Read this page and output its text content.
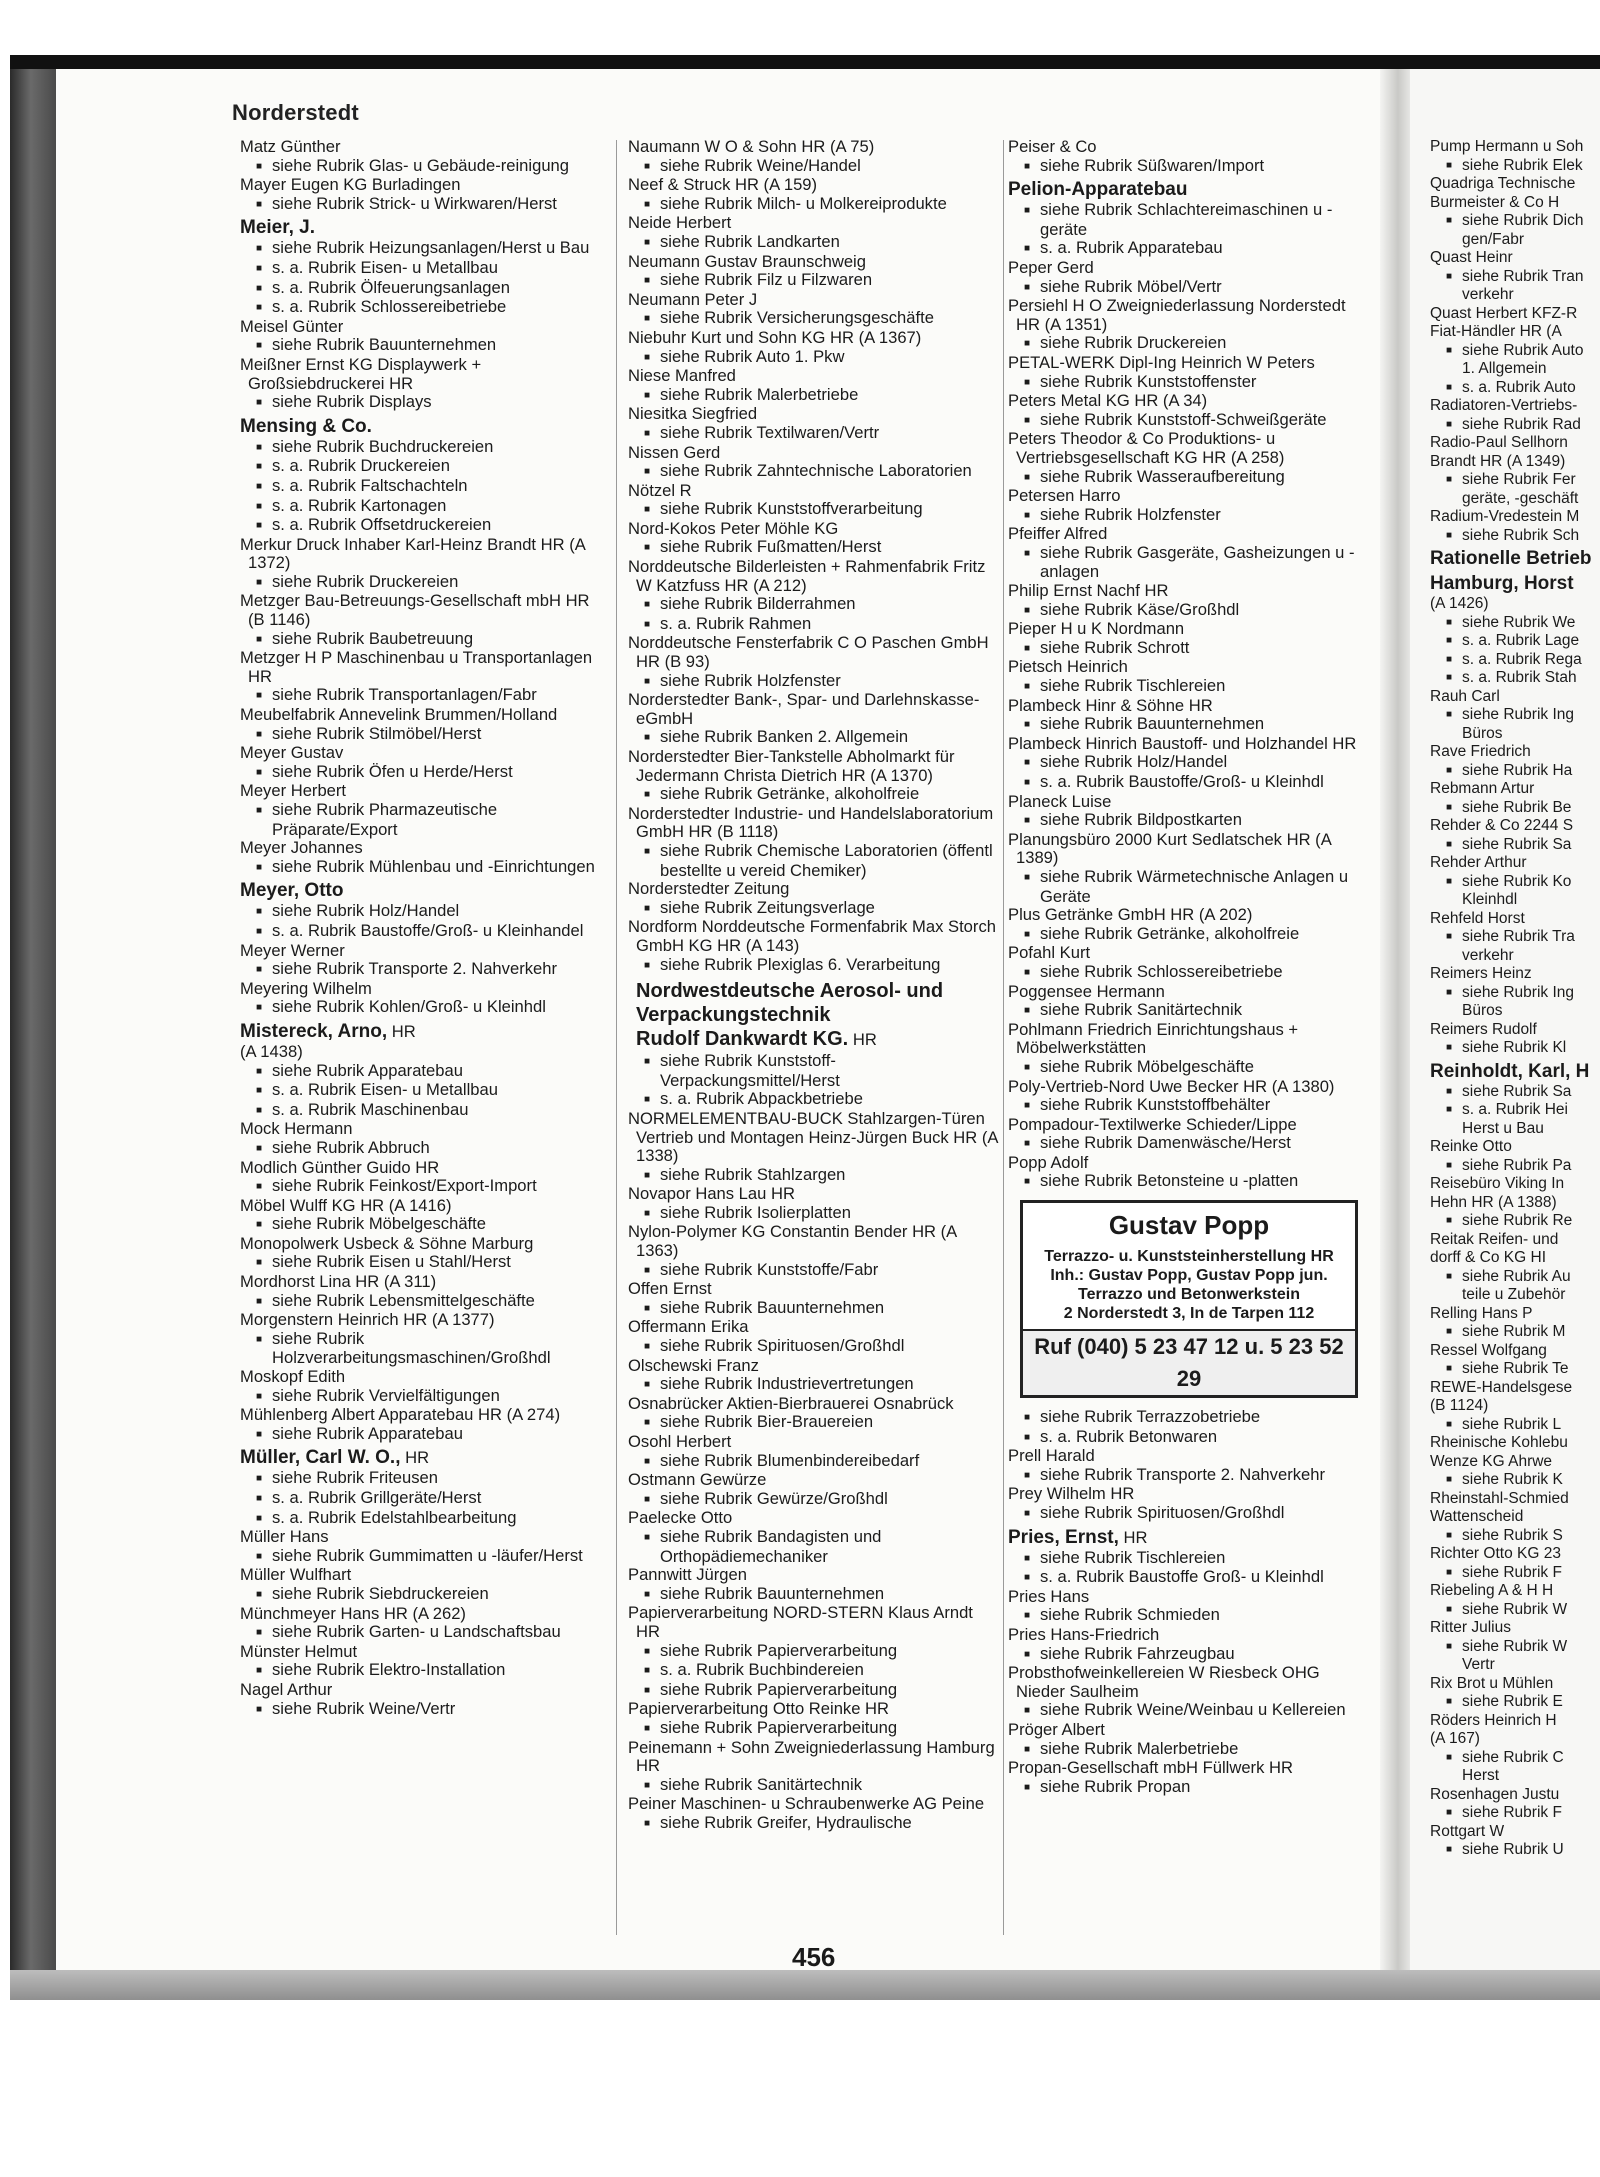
Norderstedt
Matz Günther
■ siehe Rubrik Glas- u Gebäude-reinigung
Mayer Eugen KG Burladingen
■ siehe Rubrik Strick- u Wirkwaren/Herst
Meier, J.
■ siehe Rubrik Heizungsanlagen/Herst u Bau
■ s. a. Rubrik Eisen- u Metallbau
■ s. a. Rubrik Ölfeuerungsanlagen
■ s. a. Rubrik Schlossereibetriebe
Meisel Günter
■ siehe Rubrik Bauunternehmen
Meißner Ernst KG Displaywerk + Großsiebdruckerei HR
■ siehe Rubrik Displays
Mensing & Co.
■ siehe Rubrik Buchdruckereien
■ s. a. Rubrik Druckereien
■ s. a. Rubrik Faltschachteln
■ s. a. Rubrik Kartonagen
■ s. a. Rubrik Offsetdruckereien
Merkur Druck Inhaber Karl-Heinz Brandt HR (A 1372)
■ siehe Rubrik Druckereien
Metzger Bau-Betreuungs-Gesellschaft mbH HR (B 1146)
■ siehe Rubrik Baubetreuung
Metzger H P Maschinenbau u Transportanlagen HR
■ siehe Rubrik Transportanlagen/Fabr
Meubelfabrik Annevelink Brummen/Holland
■ siehe Rubrik Stilmöbel/Herst
Meyer Gustav
■ siehe Rubrik Öfen u Herde/Herst
Meyer Herbert
■ siehe Rubrik Pharmazeutische Präparate/Export
Meyer Johannes
■ siehe Rubrik Mühlenbau und -Einrichtungen
Meyer, Otto
■ siehe Rubrik Holz/Handel
■ s. a. Rubrik Baustoffe/Groß- u Kleinhandel
Meyer Werner
■ siehe Rubrik Transporte 2. Nahverkehr
Meyering Wilhelm
■ siehe Rubrik Kohlen/Groß- u Kleinhdl
Mistereck, Arno, HR
(A 1438)
■ siehe Rubrik Apparatebau
■ s. a. Rubrik Eisen- u Metallbau
■ s. a. Rubrik Maschinenbau
Mock Hermann
■ siehe Rubrik Abbruch
Modlich Günther Guido HR
■ siehe Rubrik Feinkost/Export-Import
Möbel Wulff KG HR (A 1416)
■ siehe Rubrik Möbelgeschäfte
Monopolwerk Usbeck & Söhne Marburg
■ siehe Rubrik Eisen u Stahl/Herst
Mordhorst Lina HR (A 311)
■ siehe Rubrik Lebensmittelgeschäfte
Morgenstern Heinrich HR (A 1377)
■ siehe Rubrik Holzverarbeitungsmaschinen/Großhdl
Moskopf Edith
■ siehe Rubrik Vervielfältigungen
Mühlenberg Albert Apparatebau HR (A 274)
■ siehe Rubrik Apparatebau
Müller, Carl W. O., HR
■ siehe Rubrik Friteusen
■ s. a. Rubrik Grillgeräte/Herst
■ s. a. Rubrik Edelstahlbearbeitung
Müller Hans
■ siehe Rubrik Gummimatten u -läufer/Herst
Müller Wulfhart
■ siehe Rubrik Siebdruckereien
Münchmeyer Hans HR (A 262)
■ siehe Rubrik Garten- u Landschaftsbau
Münster Helmut
■ siehe Rubrik Elektro-Installation
Nagel Arthur
■ siehe Rubrik Weine/Vertr
Naumann W O & Sohn HR (A 75)
■ siehe Rubrik Weine/Handel
Neef & Struck HR (A 159)
■ siehe Rubrik Milch- u Molkereiprodukte
Neide Herbert
■ siehe Rubrik Landkarten
Neumann Gustav Braunschweig
■ siehe Rubrik Filz u Filzwaren
Neumann Peter J
■ siehe Rubrik Versicherungsgeschäfte
Niebuhr Kurt und Sohn KG HR (A 1367)
■ siehe Rubrik Auto 1. Pkw
Niese Manfred
■ siehe Rubrik Malerbetriebe
Niesitka Siegfried
■ siehe Rubrik Textilwaren/Vertr
Nissen Gerd
■ siehe Rubrik Zahntechnische Laboratorien
Nötzel R
■ siehe Rubrik Kunststoffverarbeitung
Nord-Kokos Peter Möhle KG
■ siehe Rubrik Fußmatten/Herst
Norddeutsche Bilderleisten + Rahmenfabrik Fritz W Katzfuss HR (A 212)
■ siehe Rubrik Bilderrahmen
■ s. a. Rubrik Rahmen
Norddeutsche Fensterfabrik C O Paschen GmbH HR (B 93)
■ siehe Rubrik Holzfenster
Norderstedter Bank-, Spar- und Darlehnskasse-eGmbH
■ siehe Rubrik Banken 2. Allgemein
Norderstedter Bier-Tankstelle Abholmarkt für Jedermann Christa Dietrich HR (A 1370)
■ siehe Rubrik Getränke, alkoholfreie
Norderstedter Industrie- und Handelslaboratorium GmbH HR (B 1118)
■ siehe Rubrik Chemische Laboratorien (öffentl bestellte u vereid Chemiker)
Norderstedter Zeitung
■ siehe Rubrik Zeitungsverlage
Nordform Norddeutsche Formenfabrik Max Storch GmbH KG HR (A 143)
■ siehe Rubrik Plexiglas 6. Verarbeitung
Nordwestdeutsche Aerosol- und Verpackungstechnik
Rudolf Dankwardt KG. HR
■ siehe Rubrik Kunststoff-Verpackungsmittel/Herst
■ s. a. Rubrik Abpackbetriebe
NORMELEMENTBAU-BUCK Stahlzargen-Türen Vertrieb und Montagen Heinz-Jürgen Buck HR (A 1338)
■ siehe Rubrik Stahlzargen
Novapor Hans Lau HR
■ siehe Rubrik Isolierplatten
Nylon-Polymer KG Constantin Bender HR (A 1363)
■ siehe Rubrik Kunststoffe/Fabr
Offen Ernst
■ siehe Rubrik Bauunternehmen
Offermann Erika
■ siehe Rubrik Spirituosen/Großhdl
Olschewski Franz
■ siehe Rubrik Industrievertretungen
Osnabrücker Aktien-Bierbrauerei Osnabrück
■ siehe Rubrik Bier-Brauereien
Osohl Herbert
■ siehe Rubrik Blumenbindereibedarf
Ostmann Gewürze
■ siehe Rubrik Gewürze/Großhdl
Paelecke Otto
■ siehe Rubrik Bandagisten und Orthopädiemechaniker
Pannwitt Jürgen
■ siehe Rubrik Bauunternehmen
Papierverarbeitung NORD-STERN Klaus Arndt HR
■ siehe Rubrik Papierverarbeitung
■ s. a. Rubrik Buchbindereien
■ siehe Rubrik Papierverarbeitung
Papierverarbeitung Otto Reinke HR
■ siehe Rubrik Papierverarbeitung
Peinemann + Sohn Zweigniederlassung Hamburg HR
■ siehe Rubrik Sanitärtechnik
Peiner Maschinen- u Schraubenwerke AG Peine
■ siehe Rubrik Greifer, Hydraulische
Peiser & Co
■ siehe Rubrik Süßwaren/Import
Pelion-Apparatebau
■ siehe Rubrik Schlachtereimaschinen u -geräte
■ s. a. Rubrik Apparatebau
Peper Gerd
■ siehe Rubrik Möbel/Vertr
Persiehl H O Zweigniederlassung Norderstedt HR (A 1351)
■ siehe Rubrik Druckereien
PETAL-WERK Dipl-Ing Heinrich W Peters
■ siehe Rubrik Kunststoffenster
Peters Metal KG HR (A 34)
■ siehe Rubrik Kunststoff-Schweißgeräte
Peters Theodor & Co Produktions- u Vertriebsgesellschaft KG HR (A 258)
■ siehe Rubrik Wasseraufbereitung
Petersen Harro
■ siehe Rubrik Holzfenster
Pfeiffer Alfred
■ siehe Rubrik Gasgeräte, Gasheizungen u -anlagen
Philip Ernst Nachf HR
■ siehe Rubrik Käse/Großhdl
Pieper H u K Nordmann
■ siehe Rubrik Schrott
Pietsch Heinrich
■ siehe Rubrik Tischlereien
Plambeck Hinr & Söhne HR
■ siehe Rubrik Bauunternehmen
Plambeck Hinrich Baustoff- und Holzhandel HR
■ siehe Rubrik Holz/Handel
■ s. a. Rubrik Baustoffe/Groß- u Kleinhdl
Planeck Luise
■ siehe Rubrik Bildpostkarten
Planungsbüro 2000 Kurt Sedlatschek HR (A 1389)
■ siehe Rubrik Wärmetechnische Anlagen u Geräte
Plus Getränke GmbH HR (A 202)
■ siehe Rubrik Getränke, alkoholfreie
Pofahl Kurt
■ siehe Rubrik Schlossereibetriebe
Poggensee Hermann
■ siehe Rubrik Sanitärtechnik
Pohlmann Friedrich Einrichtungshaus + Möbelwerkstätten
■ siehe Rubrik Möbelgeschäfte
Poly-Vertrieb-Nord Uwe Becker HR (A 1380)
■ siehe Rubrik Kunststoffbehälter
Pompadour-Textilwerke Schieder/Lippe
■ siehe Rubrik Damenwäsche/Herst
Popp Adolf
■ siehe Rubrik Betonsteine u -platten
Gustav Popp
Terrazzo- u. Kunststeinherstellung HR
Inh.: Gustav Popp, Gustav Popp jun.
Terrazzo und Betonwerkstein
2 Norderstedt 3, In de Tarpen 112
Ruf (040) 5 23 47 12 u. 5 23 52 29
■ siehe Rubrik Terrazzobetriebe
■ s. a. Rubrik Betonwaren
Prell Harald
■ siehe Rubrik Transporte 2. Nahverkehr
Prey Wilhelm HR
■ siehe Rubrik Spirituosen/Großhdl
Pries, Ernst, HR
■ siehe Rubrik Tischlereien
■ s. a. Rubrik Baustoffe Groß- u Kleinhdl
Pries Hans
■ siehe Rubrik Schmieden
Pries Hans-Friedrich
■ siehe Rubrik Fahrzeugbau
Probsthofweinkellereien W Riesbeck OHG Nieder Saulheim
■ siehe Rubrik Weine/Weinbau u Kellereien
Pröger Albert
■ siehe Rubrik Malerbetriebe
Propan-Gesellschaft mbH Füllwerk HR
■ siehe Rubrik Propan
Pump Hermann u Soh
■ siehe Rubrik Elek
Quadriga Technische
Burmeister & Co H
■ siehe Rubrik Dich gen/Fabr
Quast Heinr
■ siehe Rubrik Tran verkehr
Quast Herbert KFZ-R
Fiat-Händler HR (A
■ siehe Rubrik Auto 1. Allgemein
■ s. a. Rubrik Auto
Radiatoren-Vertriebs-
■ siehe Rubrik Rad
Radio-Paul Sellhorn
Brandt HR (A 1349)
■ siehe Rubrik Fer geräte, -geschäft
Radium-Vredestein M
■ siehe Rubrik Sch
Rationelle Betrieb
Hamburg, Horst
(A 1426)
■ siehe Rubrik We
■ s. a. Rubrik Lage
■ s. a. Rubrik Rega
■ s. a. Rubrik Stah
Rauh Carl
■ siehe Rubrik Ing Büros
Rave Friedrich
■ siehe Rubrik Ha
Rebmann Artur
■ siehe Rubrik Be
Rehder & Co 2244 S
■ siehe Rubrik Sa
Rehder Arthur
■ siehe Rubrik Ko Kleinhdl
Rehfeld Horst
■ siehe Rubrik Tra verkehr
Reimers Heinz
■ siehe Rubrik Ing Büros
Reimers Rudolf
■ siehe Rubrik Kl
Reinholdt, Karl, H
■ siehe Rubrik Sa
■ s. a. Rubrik Hei Herst u Bau
Reinke Otto
■ siehe Rubrik Pa
Reisebüro Viking In
Hehn HR (A 1388)
■ siehe Rubrik Re
Reitak Reifen- und
dorff & Co KG HI
■ siehe Rubrik Au teile u Zubehör
Relling Hans P
■ siehe Rubrik M
Ressel Wolfgang
■ siehe Rubrik Te
REWE-Handelsgese
(B 1124)
■ siehe Rubrik L
Rheinische Kohlebu
Wenze KG Ahrwe
■ siehe Rubrik K
Rheinstahl-Schmied
Wattenscheid
■ siehe Rubrik S
Richter Otto KG 23
■ siehe Rubrik F
Riebeling A & H H
■ siehe Rubrik W
Ritter Julius
■ siehe Rubrik W Vertr
Rix Brot u Mühlen
■ siehe Rubrik E
Röders Heinrich H
(A 167)
■ siehe Rubrik C Herst
Rosenhagen Justu
■ siehe Rubrik F
Rottgart W
■ siehe Rubrik U
456
